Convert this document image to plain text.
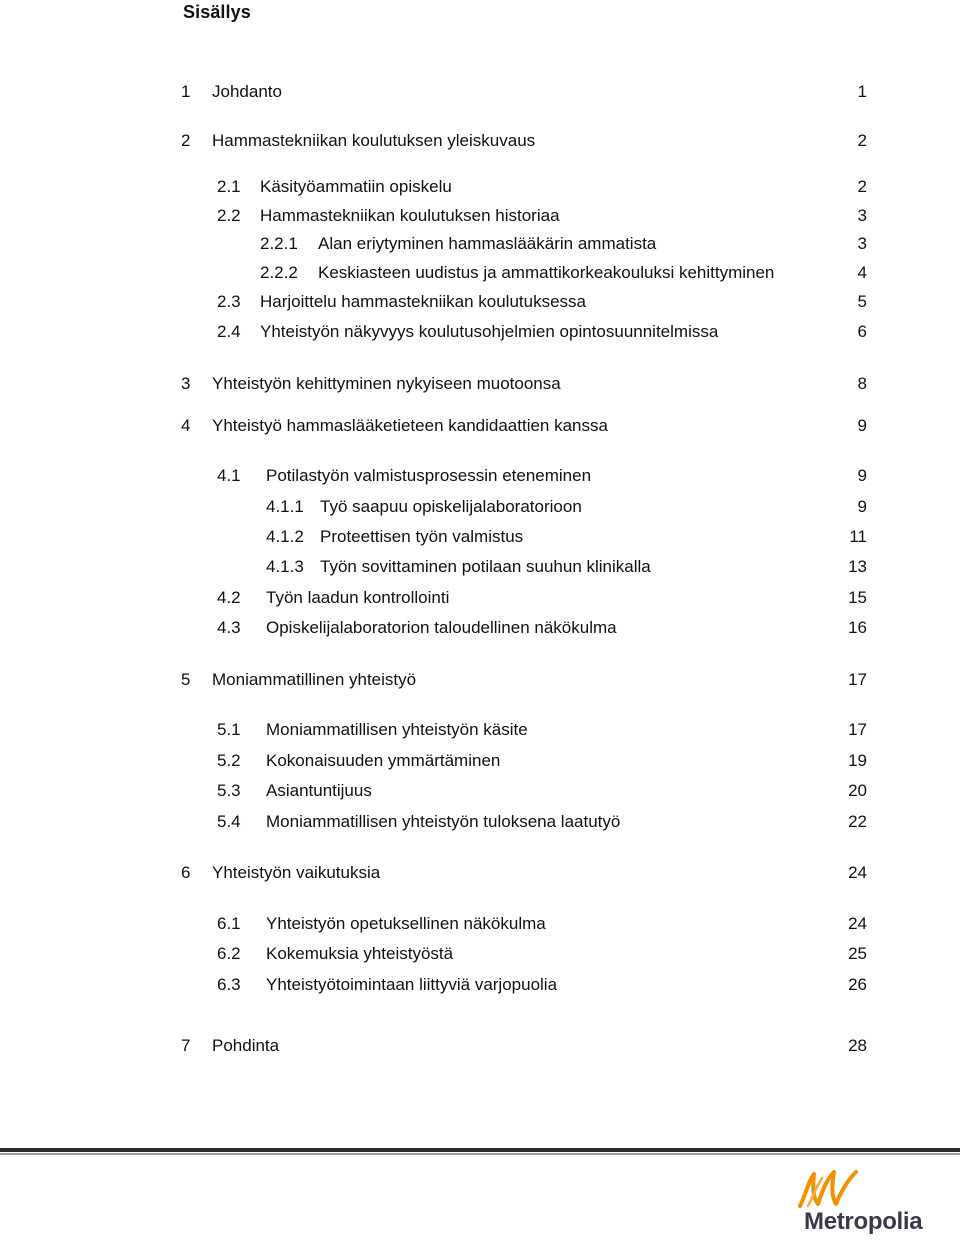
Sisällys
1 Johdanto	1
2 Hammastekniikan koulutuksen yleiskuvaus	2
2.1 Käsityöammatiin opiskelu	2
2.2 Hammastekniikan koulutuksen historiaa	3
2.2.1 Alan eriytyminen hammaslääkärin ammatista	3
2.2.2 Keskiasteen uudistus ja ammattikorkeakouluksi kehittyminen	4
2.3 Harjoittelu hammastekniikan koulutuksessa	5
2.4 Yhteistyön näkyvyys koulutusohjelmien opintosuunnitelmissa	6
3 Yhteistyön kehittyminen nykyiseen muotoonsa	8
4 Yhteistyö hammaslääketieteen kandidaattien kanssa	9
4.1 Potilastyön valmistusprosessin eteneminen	9
4.1.1 Työ saapuu opiskelijalaboratorioon	9
4.1.2 Proteettisen työn valmistus	11
4.1.3 Työn sovittaminen potilaan suuhun klinikalla	13
4.2 Työn laadun kontrollointi	15
4.3 Opiskelijalaboratorion taloudellinen näkökulma	16
5 Moniammatillinen yhteistyö	17
5.1 Moniammatillisen yhteistyön käsite	17
5.2 Kokonaisuuden ymmärtäminen	19
5.3 Asiantuntijuus	20
5.4 Moniammatillisen yhteistyön tuloksena laatutyö	22
6 Yhteistyön vaikutuksia	24
6.1 Yhteistyön opetuksellinen näkökulma	24
6.2 Kokemuksia yhteistyöstä	25
6.3 Yhteistyötoimintaan liittyviä varjopuolia	26
7 Pohdinta	28
Metropolia
